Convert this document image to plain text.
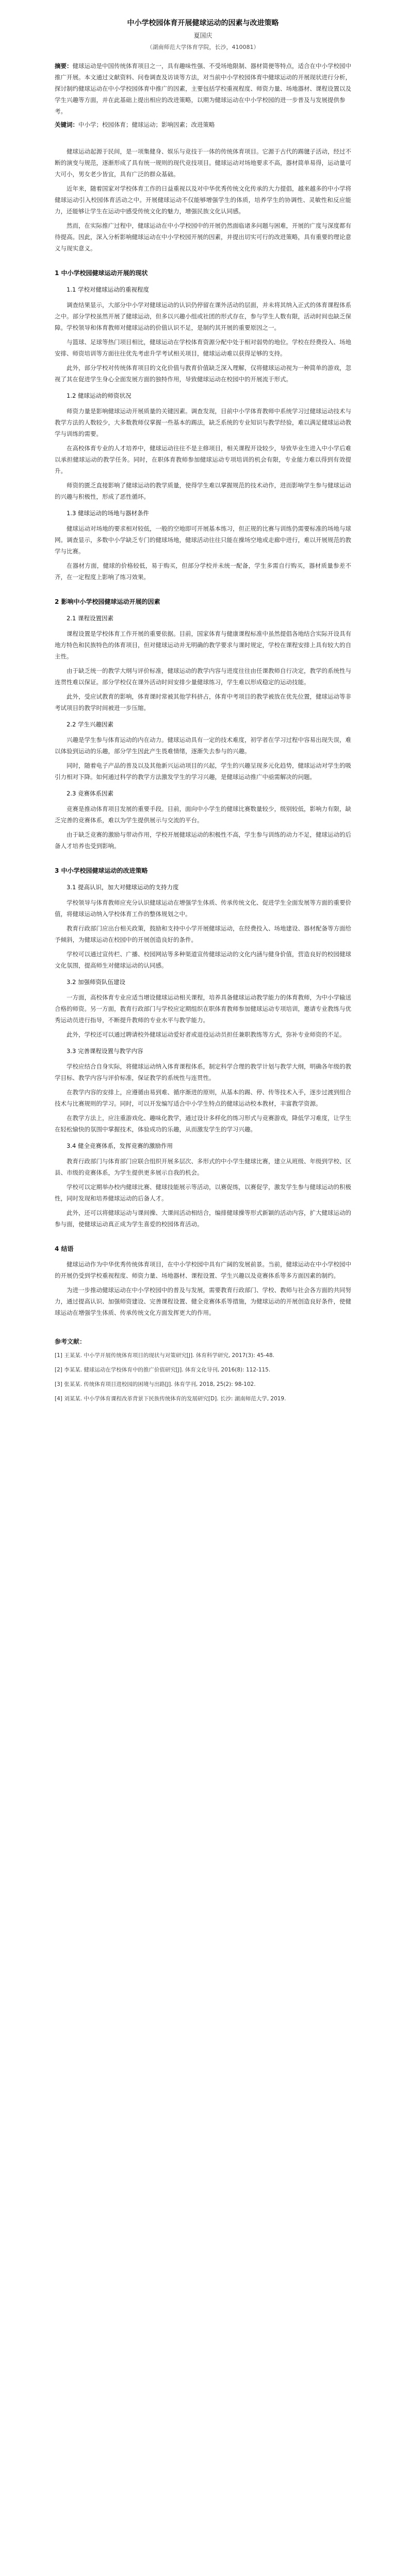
中小学校园体育开展健球运动的因素与改进策略
夏国庆
（湖南师范大学体育学院，长沙，410081）
摘要：健球运动是中国传统体育项目之一，具有趣味性强、不受场地限制、器材简便等特点，适合在中小学校园中推广开展。本文通过文献资料、问卷调查及访谈等方法，对当前中小学校园体育中健球运动的开展现状进行分析，探讨制约健球运动在中小学校园体育中推广的因素，主要包括学校重视程度、师资力量、场地器材、课程设置以及学生兴趣等方面，并在此基础上提出相应的改进策略，以期为健球运动在中小学校园的进一步普及与发展提供参考。
关键词：中小学；校园体育；健球运动；影响因素；改进策略
健球运动起源于民间，是一项集健身、娱乐与竞技于一体的传统体育项目。它源于古代的踢毽子活动，经过不断的演变与规范，逐渐形成了具有统一规则的现代竞技项目。健球运动对场地要求不高，器材简单易得，运动量可大可小，男女老少皆宜，具有广泛的群众基础。
近年来，随着国家对学校体育工作的日益重视以及对中华优秀传统文化传承的大力提倡，越来越多的中小学将健球运动引入校园体育活动之中。开展健球运动不仅能够增强学生的体质，培养学生的协调性、灵敏性和反应能力，还能够让学生在运动中感受传统文化的魅力，增强民族文化认同感。
然而，在实际推广过程中，健球运动在中小学校园中的开展仍然面临诸多问题与困难，开展的广度与深度都有待提高。因此，深入分析影响健球运动在中小学校园开展的因素，并提出切实可行的改进策略，具有重要的理论意义与现实意义。
1 中小学校园健球运动开展的现状
1.1 学校对健球运动的重视程度
调查结果显示，大部分中小学对健球运动的认识仍停留在课外活动的层面，并未将其纳入正式的体育课程体系之中。部分学校虽然开展了健球运动，但多以兴趣小组或社团的形式存在，参与学生人数有限，活动时间也缺乏保障。学校领导和体育教师对健球运动的价值认识不足，是制约其开展的重要原因之一。
与篮球、足球等热门项目相比，健球运动在学校体育资源分配中处于相对弱势的地位。学校在经费投入、场地安排、师资培训等方面往往优先考虑升学考试相关项目，健球运动难以获得足够的支持。
此外，部分学校对传统体育项目的文化价值与教育价值缺乏深入理解，仅将健球运动视为一种简单的游戏，忽视了其在促进学生身心全面发展方面的独特作用，导致健球运动在校园中的开展流于形式。
1.2 健球运动的师资状况
师资力量是影响健球运动开展质量的关键因素。调查发现，目前中小学体育教师中系统学习过健球运动技术与教学方法的人数较少，大多数教师仅掌握一些基本的踢法，缺乏系统的专业知识与教学经验，难以满足健球运动教学与训练的需要。
在高校体育专业的人才培养中，健球运动往往不是主修项目，相关课程开设较少，导致毕业生进入中小学后难以承担健球运动的教学任务。同时，在职体育教师参加健球运动专项培训的机会有限，专业能力难以得到有效提升。
师资的匮乏直接影响了健球运动的教学质量，使得学生难以掌握规范的技术动作，进而影响学生参与健球运动的兴趣与积极性，形成了恶性循环。
1.3 健球运动的场地与器材条件
健球运动对场地的要求相对较低，一般的空地即可开展基本练习，但正规的比赛与训练仍需要标准的场地与球网。调查显示，多数中小学缺乏专门的健球场地，健球活动往往只能在操场空地或走廊中进行，难以开展规范的教学与比赛。
在器材方面，健球的价格较低，易于购买，但部分学校并未统一配备，学生多需自行购买，器材质量参差不齐，在一定程度上影响了练习效果。
2 影响中小学校园健球运动开展的因素
2.1 课程设置因素
课程设置是学校体育工作开展的重要依据。目前，国家体育与健康课程标准中虽然提倡各地结合实际开设具有地方特色和民族特色的体育项目，但对健球运动并无明确的教学要求与课时规定，学校在课程安排上具有较大的自主性。
由于缺乏统一的教学大纲与评价标准，健球运动的教学内容与进度往往由任课教师自行决定，教学的系统性与连贯性难以保证。部分学校仅在课外活动时间安排少量健球练习，学生难以形成稳定的运动技能。
此外，受应试教育的影响，体育课时常被其他学科挤占，体育中考项目的教学被放在优先位置，健球运动等非考试项目的教学时间被进一步压缩。
2.2 学生兴趣因素
兴趣是学生参与体育运动的内在动力。健球运动具有一定的技术难度，初学者在学习过程中容易出现失误，难以体验到运动的乐趣，部分学生因此产生畏难情绪，逐渐失去参与的兴趣。
同时，随着电子产品的普及以及其他新兴运动项目的兴起，学生的兴趣呈现多元化趋势，健球运动对学生的吸引力相对下降。如何通过科学的教学方法激发学生的学习兴趣，是健球运动推广中亟需解决的问题。
2.3 竞赛体系因素
竞赛是推动体育项目发展的重要手段。目前，面向中小学生的健球比赛数量较少，级别较低，影响力有限，缺乏完善的竞赛体系，难以为学生提供展示与交流的平台。
由于缺乏竞赛的激励与带动作用，学校开展健球运动的积极性不高，学生参与训练的动力不足，健球运动的后备人才培养也受到影响。
3 中小学校园健球运动的改进策略
3.1 提高认识，加大对健球运动的支持力度
学校领导与体育教师应充分认识健球运动在增强学生体质、传承传统文化、促进学生全面发展等方面的重要价值，将健球运动纳入学校体育工作的整体规划之中。
教育行政部门应出台相关政策，鼓励和支持中小学开展健球运动，在经费投入、场地建设、器材配备等方面给予倾斜，为健球运动在校园中的开展创造良好的条件。
学校可以通过宣传栏、广播、校园网站等多种渠道宣传健球运动的文化内涵与健身价值，营造良好的校园健球文化氛围，提高师生对健球运动的认同感。
3.2 加强师资队伍建设
一方面，高校体育专业应适当增设健球运动相关课程，培养具备健球运动教学能力的体育教师，为中小学输送合格的师资。另一方面，教育行政部门与学校应定期组织在职体育教师参加健球运动专项培训，邀请专业教练与优秀运动员进行指导，不断提升教师的专业水平与教学能力。
此外，学校还可以通过聘请校外健球运动爱好者或退役运动员担任兼职教练等方式，弥补专业师资的不足。
3.3 完善课程设置与教学内容
学校应结合自身实际，将健球运动纳入体育课程体系，制定科学合理的教学计划与教学大纲，明确各年级的教学目标、教学内容与评价标准，保证教学的系统性与连贯性。
在教学内容的安排上，应遵循由易到难、循序渐进的原则，从基本的踢、停、传等技术入手，逐步过渡到组合技术与比赛规则的学习。同时，可以开发编写适合中小学生特点的健球运动校本教材，丰富教学资源。
在教学方法上，应注重游戏化、趣味化教学，通过设计多样化的练习形式与竞赛游戏，降低学习难度，让学生在轻松愉快的氛围中掌握技术，体验成功的乐趣，从而激发学生的学习兴趣。
3.4 健全竞赛体系，发挥竞赛的激励作用
教育行政部门与体育部门应联合组织开展多层次、多形式的中小学生健球比赛，建立从班级、年级到学校、区县、市级的竞赛体系，为学生提供更多展示自我的机会。
学校可以定期举办校内健球比赛、健球技能展示等活动，以赛促练，以赛促学，激发学生参与健球运动的积极性，同时发现和培养健球运动的后备人才。
此外，还可以将健球运动与课间操、大课间活动相结合，编排健球操等形式新颖的活动内容，扩大健球运动的参与面，使健球运动真正成为学生喜爱的校园体育活动。
4 结语
健球运动作为中华优秀传统体育项目，在中小学校园中具有广阔的发展前景。当前，健球运动在中小学校园中的开展仍受到学校重视程度、师资力量、场地器材、课程设置、学生兴趣以及竞赛体系等多方面因素的制约。
为进一步推动健球运动在中小学校园中的普及与发展，需要教育行政部门、学校、教师与社会各方面的共同努力，通过提高认识、加强师资建设、完善课程设置、健全竞赛体系等措施，为健球运动的开展创造良好条件，使健球运动在增强学生体质、传承传统文化方面发挥更大的作用。
参考文献：
[1] 王某某. 中小学开展传统体育项目的现状与对策研究[J]. 体育科学研究, 2017(3): 45-48.
[2] 李某某. 健球运动在学校体育中的推广价值研究[J]. 体育文化导刊, 2016(8): 112-115.
[3] 张某某. 传统体育项目进校园的困境与出路[J]. 体育学刊, 2018, 25(2): 98-102.
[4] 刘某某. 中小学体育课程改革背景下民族传统体育的发展研究[D]. 长沙: 湖南师范大学, 2019.
